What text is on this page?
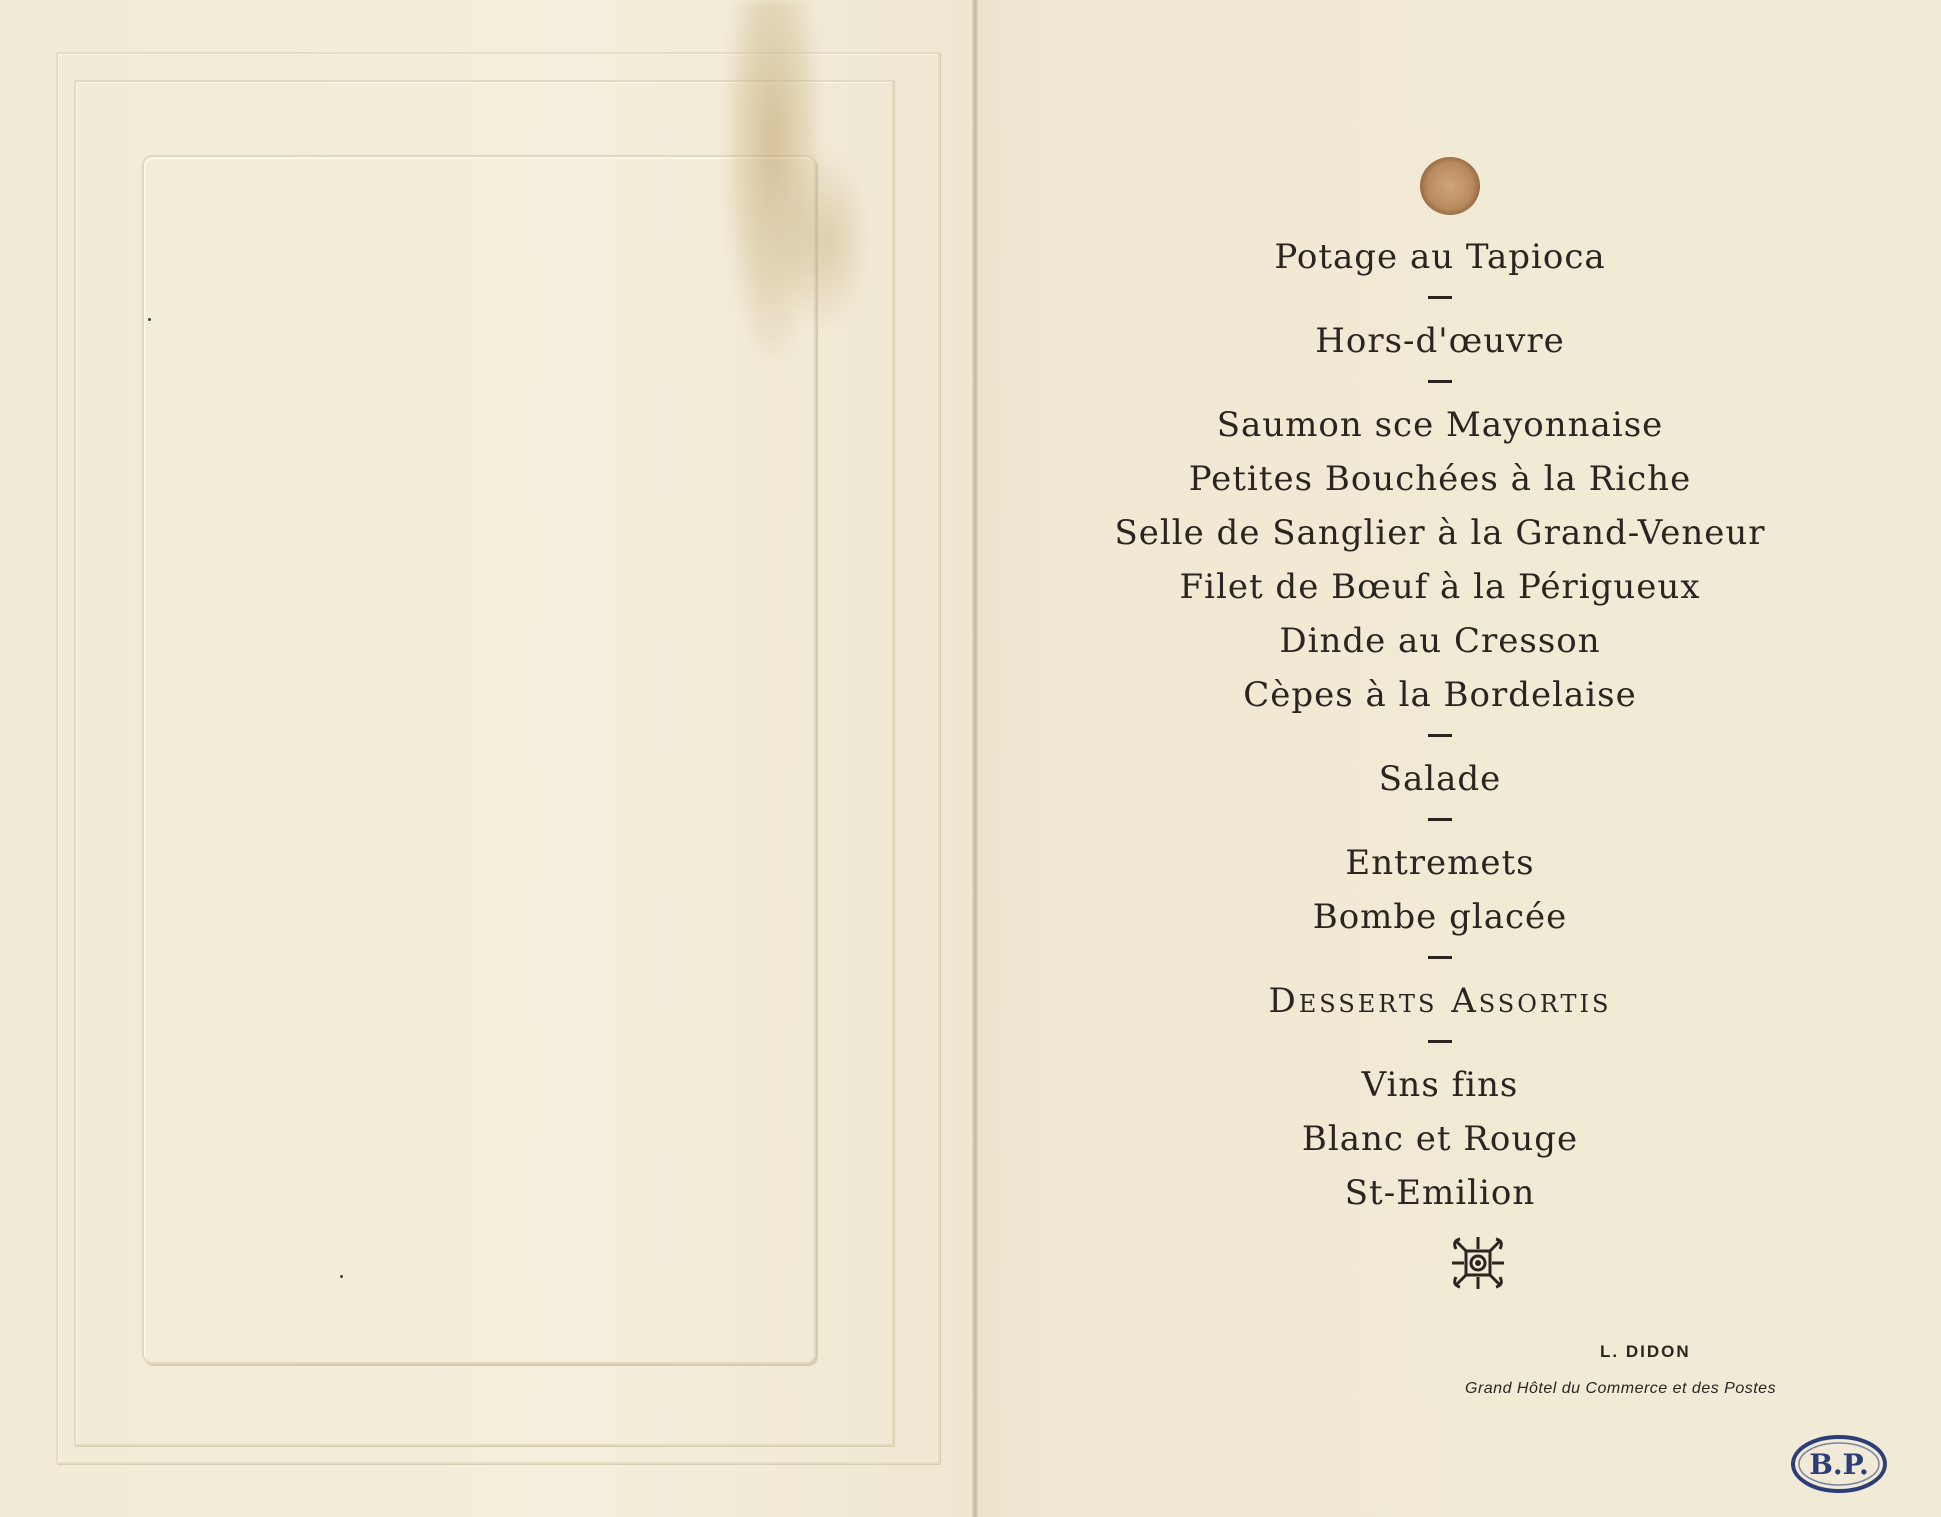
Potage au Tapioca
Hors-d'œuvre
Saumon sce Mayonnaise
Petites Bouchées à la Riche
Selle de Sanglier à la Grand-Veneur
Filet de Bœuf à la Périgueux
Dinde au Cresson
Cèpes à la Bordelaise
Salade
Entremets
Bombe glacée
Desserts Assortis
Vins fins
Blanc et Rouge
St-Emilion
L. DIDON
Grand Hôtel du Commerce et des Postes
B.P.
